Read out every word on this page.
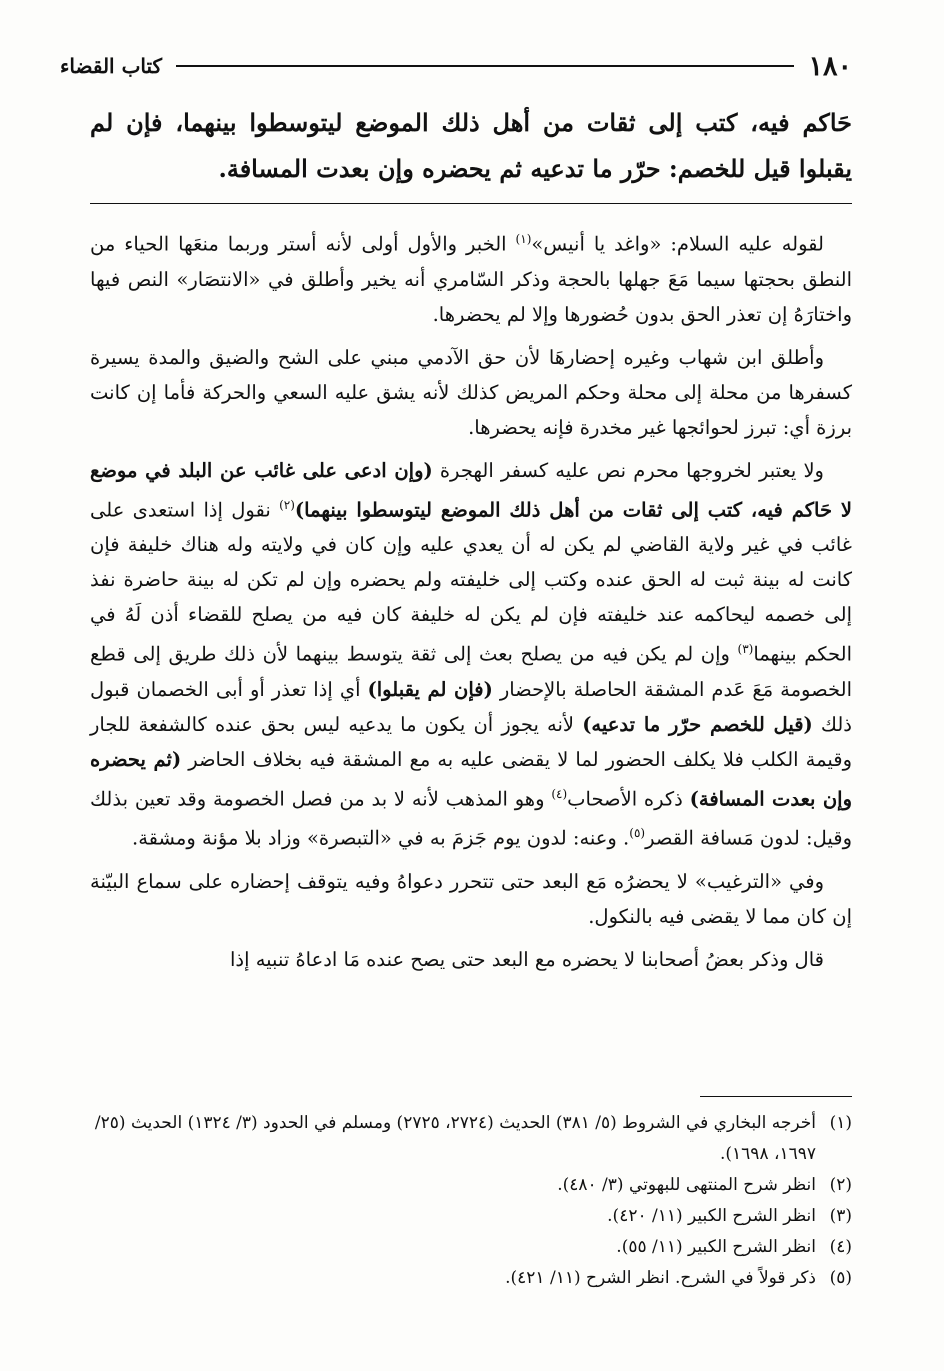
١٨٠
كتاب القضاء
حَاكم فيه، كتب إلى ثقات من أهل ذلك الموضع ليتوسطوا بينهما، فإن لم يقبلوا قيل للخصم: حرّر ما تدعيه ثم يحضره وإن بعدت المسافة.

لقوله عليه السلام: «واغد يا أنيس»$^{(١)}$ الخبر والأول أولى لأنه أستر وربما منعَها الحياء من النطق بحجتها سيما مَعَ جهلها بالحجة وذكر السّامري أنه يخير وأطلق في «الانتصَار» النص فيها واختارَهُ إن تعذر الحق بدون حُضورها وإلا لم يحضرها.

وأطلق ابن شهاب وغيره إحضارهَا لأن حق الآدمي مبني على الشح والضيق والمدة يسيرة كسفرها من محلة إلى محلة وحكم المريض كذلك لأنه يشق عليه السعي والحركة فأما إن كانت برزة أي: تبرز لحوائجها غير مخدرة فإنه يحضرها.

ولا يعتبر لخروجها محرم نص عليه كسفر الهجرة (وإن ادعى على غائب عن البلد في موضع لا حَاكم فيه، كتب إلى ثقات من أهل ذلك الموضع ليتوسطوا بينهما)$^{(٢)}$ نقول إذا استعدى على غائب في غير ولاية القاضي لم يكن له أن يعدي عليه وإن كان في ولايته وله هناك خليفة فإن كانت له بينة ثبت له الحق عنده وكتب إلى خليفته ولم يحضره وإن لم تكن له بينة حاضرة نفذ إلى خصمه ليحاكمه عند خليفته فإن لم يكن له خليفة كان فيه من يصلح للقضاء أذن لَهُ في الحكم بينهما$^{(٣)}$ وإن لم يكن فيه من يصلح بعث إلى ثقة يتوسط بينهما لأن ذلك طريق إلى قطع الخصومة مَعَ عَدم المشقة الحاصلة بالإحضار (فإن لم يقبلوا) أي إذا تعذر أو أبى الخصمان قبول ذلك (قيل للخصم حرّر ما تدعيه) لأنه يجوز أن يكون ما يدعيه ليس بحق عنده كالشفعة للجار وقيمة الكلب فلا يكلف الحضور لما لا يقضى عليه به مع المشقة فيه بخلاف الحاضر (ثم يحضره وإن بعدت المسافة) ذكره الأصحاب$^{(٤)}$ وهو المذهب لأنه لا بد من فصل الخصومة وقد تعين بذلك وقيل: لدون مَسافة القصر$^{(٥)}$. وعنه: لدون يوم جَزمَ به في «التبصرة» وزاد بلا مؤنة ومشقة.

وفي «الترغيب» لا يحضرُه مَع البعد حتى تتحرر دعواهُ وفيه يتوقف إحضاره على سماع البيّنة إن كان مما لا يقضى فيه بالنكول.

قال وذكر بعضُ أصحابنا لا يحضره مع البعد حتى يصح عنده مَا ادعاهُ تنبيه إذا

(١)
أخرجه البخاري في الشروط (٥/ ٣٨١) الحديث (٢٧٢٤، ٢٧٢٥) ومسلم في الحدود (٣/ ١٣٢٤) الحديث (٢٥/ ١٦٩٧، ١٦٩٨).
(٢)
انظر شرح المنتهى للبهوتي (٣/ ٤٨٠).
(٣)
انظر الشرح الكبير (١١/ ٤٢٠).
(٤)
انظر الشرح الكبير (١١/ ٥٥).
(٥)
ذكر قولاً في الشرح. انظر الشرح (١١/ ٤٢١).
